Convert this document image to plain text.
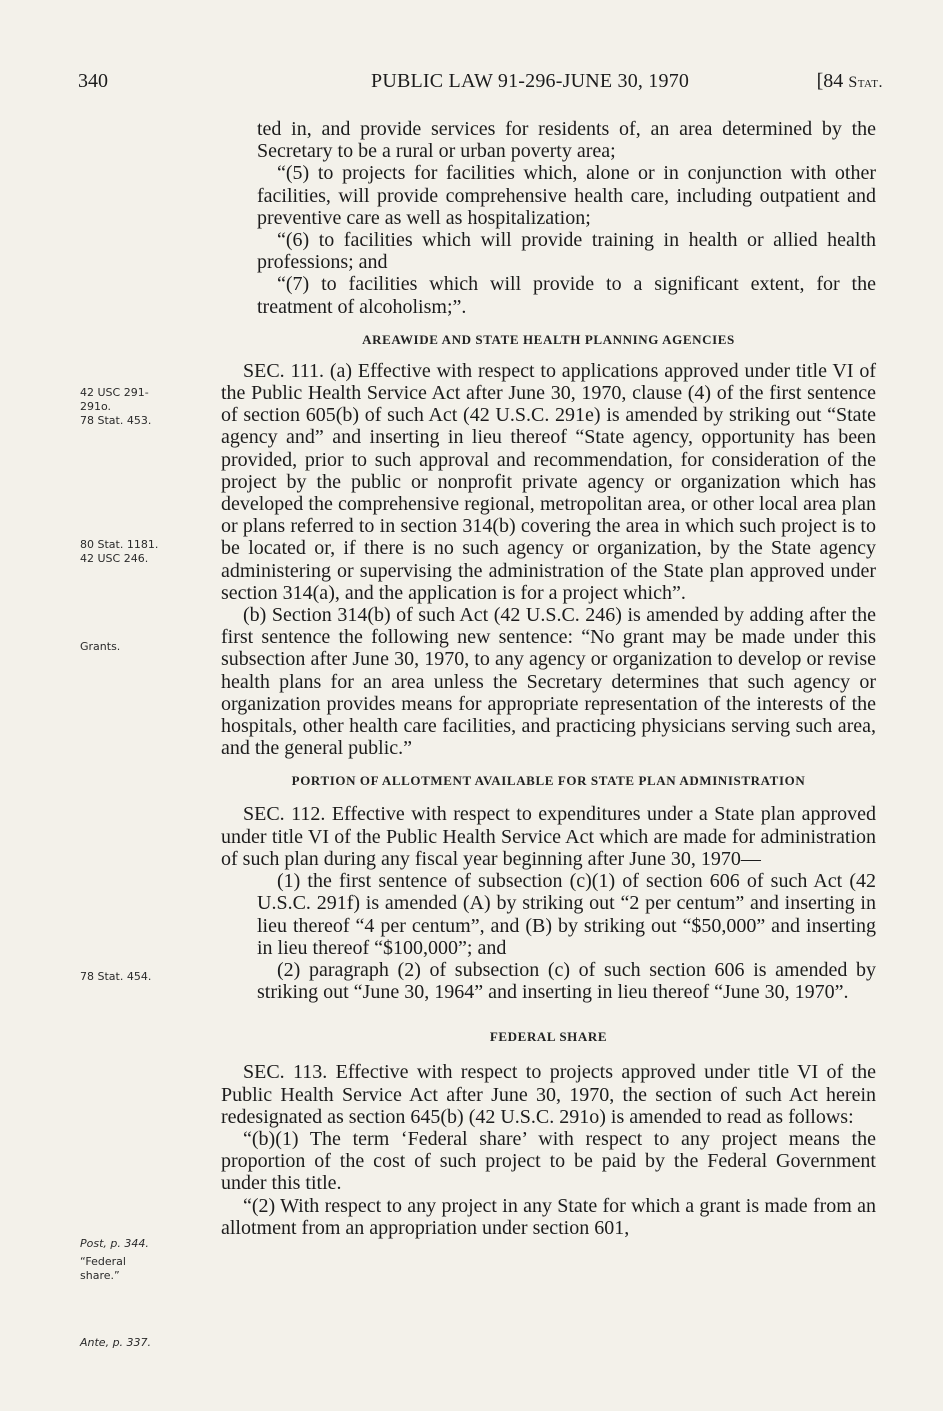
340	PUBLIC LAW 91-296-JUNE 30, 1970	[84 Stat.
42 USC 291-
291o.
78 Stat. 453.
80 Stat. 1181.
42 USC 246.
Grants.
78 Stat. 454.
Post, p. 344.
“Federal
share.”
Ante, p. 337.

ted in, and provide services for residents of, an area determined by the Secretary to be a rural or urban poverty area;

“(5) to projects for facilities which, alone or in conjunction with other facilities, will provide comprehensive health care, including outpatient and preventive care as well as hospitalization;

“(6) to facilities which will provide training in health or allied health professions; and

“(7) to facilities which will provide to a significant extent, for the treatment of alcoholism;”.

AREAWIDE AND STATE HEALTH PLANNING AGENCIES

SEC. 111. (a) Effective with respect to applications approved under title VI of the Public Health Service Act after June 30, 1970, clause (4) of the first sentence of section 605(b) of such Act (42 U.S.C. 291e) is amended by striking out “State agency and” and inserting in lieu thereof “State agency, opportunity has been provided, prior to such approval and recommendation, for consideration of the project by the public or nonprofit private agency or organization which has developed the comprehensive regional, metropolitan area, or other local area plan or plans referred to in section 314(b) covering the area in which such project is to be located or, if there is no such agency or organization, by the State agency administering or supervising the administration of the State plan approved under section 314(a), and the application is for a project which”.

(b) Section 314(b) of such Act (42 U.S.C. 246) is amended by adding after the first sentence the following new sentence: “No grant may be made under this subsection after June 30, 1970, to any agency or organization to develop or revise health plans for an area unless the Secretary determines that such agency or organization provides means for appropriate representation of the interests of the hospitals, other health care facilities, and practicing physicians serving such area, and the general public.”

PORTION OF ALLOTMENT AVAILABLE FOR STATE PLAN ADMINISTRATION

SEC. 112. Effective with respect to expenditures under a State plan approved under title VI of the Public Health Service Act which are made for administration of such plan during any fiscal year beginning after June 30, 1970—

(1) the first sentence of subsection (c)(1) of section 606 of such Act (42 U.S.C. 291f) is amended (A) by striking out “2 per centum” and inserting in lieu thereof “4 per centum”, and (B) by striking out “$50,000” and inserting in lieu thereof “$100,000”; and

(2) paragraph (2) of subsection (c) of such section 606 is amended by striking out “June 30, 1964” and inserting in lieu thereof “June 30, 1970”.

FEDERAL SHARE

SEC. 113. Effective with respect to projects approved under title VI of the Public Health Service Act after June 30, 1970, the section of such Act herein redesignated as section 645(b) (42 U.S.C. 291o) is amended to read as follows:

“(b)(1) The term ‘Federal share’ with respect to any project means the proportion of the cost of such project to be paid by the Federal Government under this title.

“(2) With respect to any project in any State for which a grant is made from an allotment from an appropriation under section 601,
